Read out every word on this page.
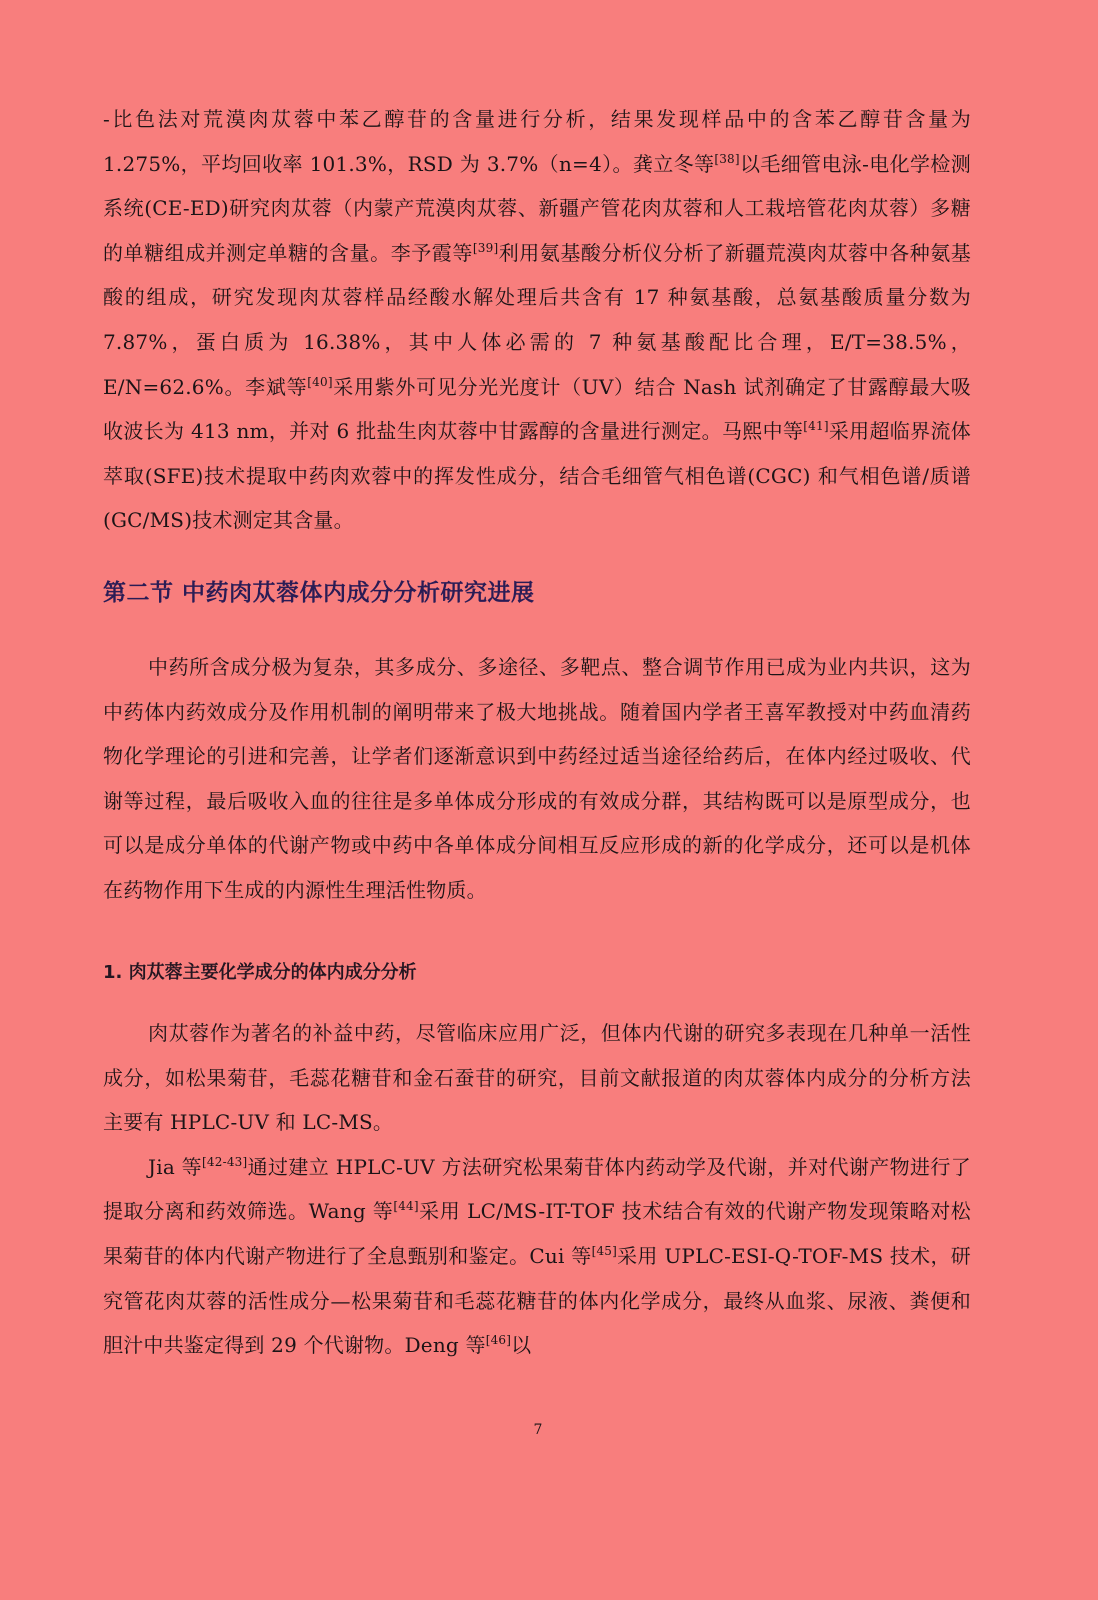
-比色法对荒漠肉苁蓉中苯乙醇苷的含量进行分析，结果发现样品中的含苯乙醇苷含量为1.275%，平均回收率 101.3%，RSD 为 3.7%（n=4）。龚立冬等[38]以毛细管电泳-电化学检测系统(CE-ED)研究肉苁蓉（内蒙产荒漠肉苁蓉、新疆产管花肉苁蓉和人工栽培管花肉苁蓉）多糖的单糖组成并测定单糖的含量。李予霞等[39]利用氨基酸分析仪分析了新疆荒漠肉苁蓉中各种氨基酸的组成，研究发现肉苁蓉样品经酸水解处理后共含有 17 种氨基酸，总氨基酸质量分数为 7.87%，蛋白质为 16.38%，其中人体必需的 7 种氨基酸配比合理，E/T=38.5%，E/N=62.6%。李斌等[40]采用紫外可见分光光度计（UV）结合 Nash 试剂确定了甘露醇最大吸收波长为 413 nm，并对 6 批盐生肉苁蓉中甘露醇的含量进行测定。马熙中等[41]采用超临界流体萃取(SFE)技术提取中药肉欢蓉中的挥发性成分，结合毛细管气相色谱(CGC) 和气相色谱/质谱(GC/MS)技术测定其含量。

第二节 中药肉苁蓉体内成分分析研究进展

中药所含成分极为复杂，其多成分、多途径、多靶点、整合调节作用已成为业内共识，这为中药体内药效成分及作用机制的阐明带来了极大地挑战。随着国内学者王喜军教授对中药血清药物化学理论的引进和完善，让学者们逐渐意识到中药经过适当途径给药后，在体内经过吸收、代谢等过程，最后吸收入血的往往是多单体成分形成的有效成分群，其结构既可以是原型成分，也可以是成分单体的代谢产物或中药中各单体成分间相互反应形成的新的化学成分，还可以是机体在药物作用下生成的内源性生理活性物质。

1. 肉苁蓉主要化学成分的体内成分分析

肉苁蓉作为著名的补益中药，尽管临床应用广泛，但体内代谢的研究多表现在几种单一活性成分，如松果菊苷，毛蕊花糖苷和金石蚕苷的研究，目前文献报道的肉苁蓉体内成分的分析方法主要有 HPLC-UV 和 LC-MS。

Jia 等[42-43]通过建立 HPLC-UV 方法研究松果菊苷体内药动学及代谢，并对代谢产物进行了提取分离和药效筛选。Wang 等[44]采用 LC/MS-IT-TOF 技术结合有效的代谢产物发现策略对松果菊苷的体内代谢产物进行了全息甄别和鉴定。Cui 等[45]采用 UPLC-ESI-Q-TOF-MS 技术，研究管花肉苁蓉的活性成分—松果菊苷和毛蕊花糖苷的体内化学成分，最终从血浆、尿液、粪便和胆汁中共鉴定得到 29 个代谢物。Deng 等[46]以

7
